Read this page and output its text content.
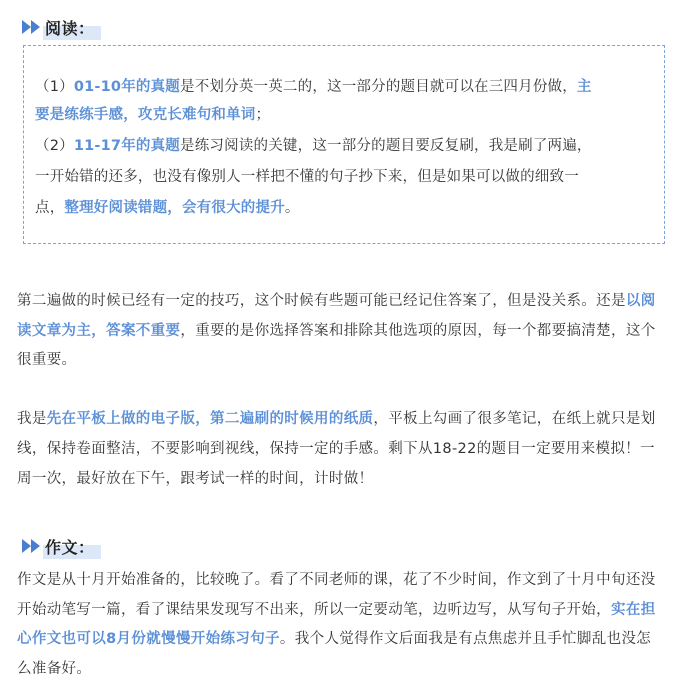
阅读：
（1）01-10年的真题是不划分英一英二的，这一部分的题目就可以在三四月份做，主
要是练练手感，攻克长难句和单词；
（2）11-17年的真题是练习阅读的关键，这一部分的题目要反复刷，我是刷了两遍，
一开始错的还多，也没有像别人一样把不懂的句子抄下来，但是如果可以做的细致一
点，整理好阅读错题，会有很大的提升。
第二遍做的时候已经有一定的技巧，这个时候有些题可能已经记住答案了，但是没关系。还是以阅
读文章为主，答案不重要，重要的是你选择答案和排除其他选项的原因，每一个都要搞清楚，这个
很重要。
我是先在平板上做的电子版，第二遍刷的时候用的纸质，平板上勾画了很多笔记，在纸上就只是划
线，保持卷面整洁，不要影响到视线，保持一定的手感。剩下从18-22的题目一定要用来模拟！一
周一次，最好放在下午，跟考试一样的时间，计时做！
作文：
作文是从十月开始准备的，比较晚了。看了不同老师的课，花了不少时间，作文到了十月中旬还没
开始动笔写一篇，看了课结果发现写不出来，所以一定要动笔，边听边写，从写句子开始，实在担
心作文也可以8月份就慢慢开始练习句子。我个人觉得作文后面我是有点焦虑并且手忙脚乱也没怎
么准备好。
